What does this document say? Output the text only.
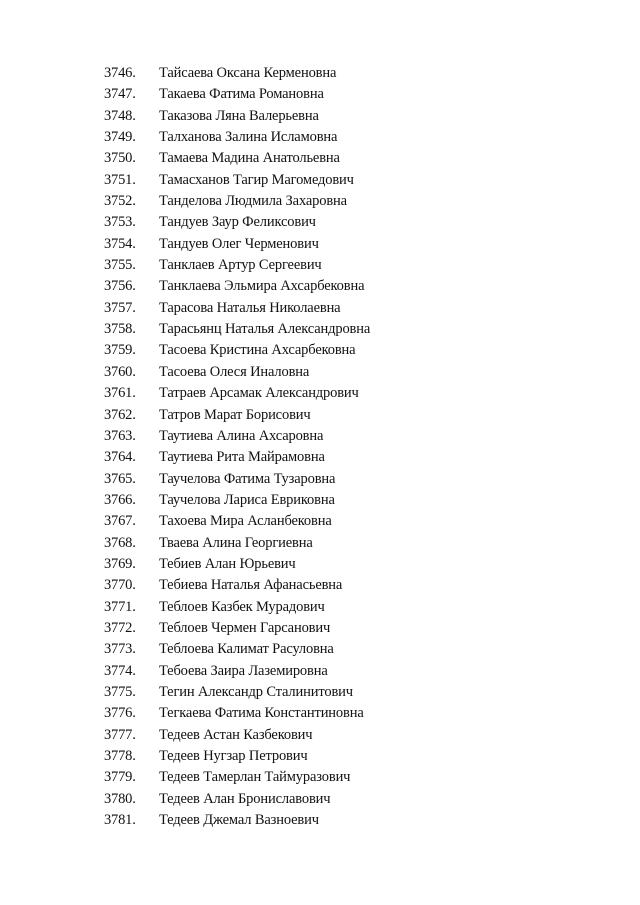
3746.	Тайсаева Оксана Керменовна
3747.	Такаева Фатима Романовна
3748.	Таказова Ляна Валерьевна
3749.	Талханова Залина Исламовна
3750.	Тамаева Мадина Анатольевна
3751.	Тамасханов Тагир Магомедович
3752.	Танделова Людмила Захаровна
3753.	Тандуев Заур Феликсович
3754.	Тандуев Олег Черменович
3755.	Танклаев Артур Сергеевич
3756.	Танклаева Эльмира Ахсарбековна
3757.	Тарасова Наталья Николаевна
3758.	Тарасьянц Наталья Александровна
3759.	Тасоева Кристина Ахсарбековна
3760.	Тасоева Олеся Иналовна
3761.	Татраев Арсамак Александрович
3762.	Татров Марат Борисович
3763.	Таутиева Алина Ахсаровна
3764.	Таутиева Рита Майрамовна
3765.	Таучелова Фатима Тузаровна
3766.	Таучелова Лариса Евриковна
3767.	Тахоева Мира Асланбековна
3768.	Тваева Алина Георгиевна
3769.	Тебиев Алан Юрьевич
3770.	Тебиева Наталья Афанасьевна
3771.	Теблоев Казбек Мурадович
3772.	Теблоев Чермен Гарсанович
3773.	Теблоева Калимат Расуловна
3774.	Тебоева Заира Лаземировна
3775.	Тегин Александр Сталинитович
3776.	Тегкаева Фатима Константиновна
3777.	Тедеев Астан Казбекович
3778.	Тедеев Нугзар Петрович
3779.	Тедеев Тамерлан Таймуразович
3780.	Тедеев Алан Брониславович
3781.	Тедеев Джемал Вазноевич
